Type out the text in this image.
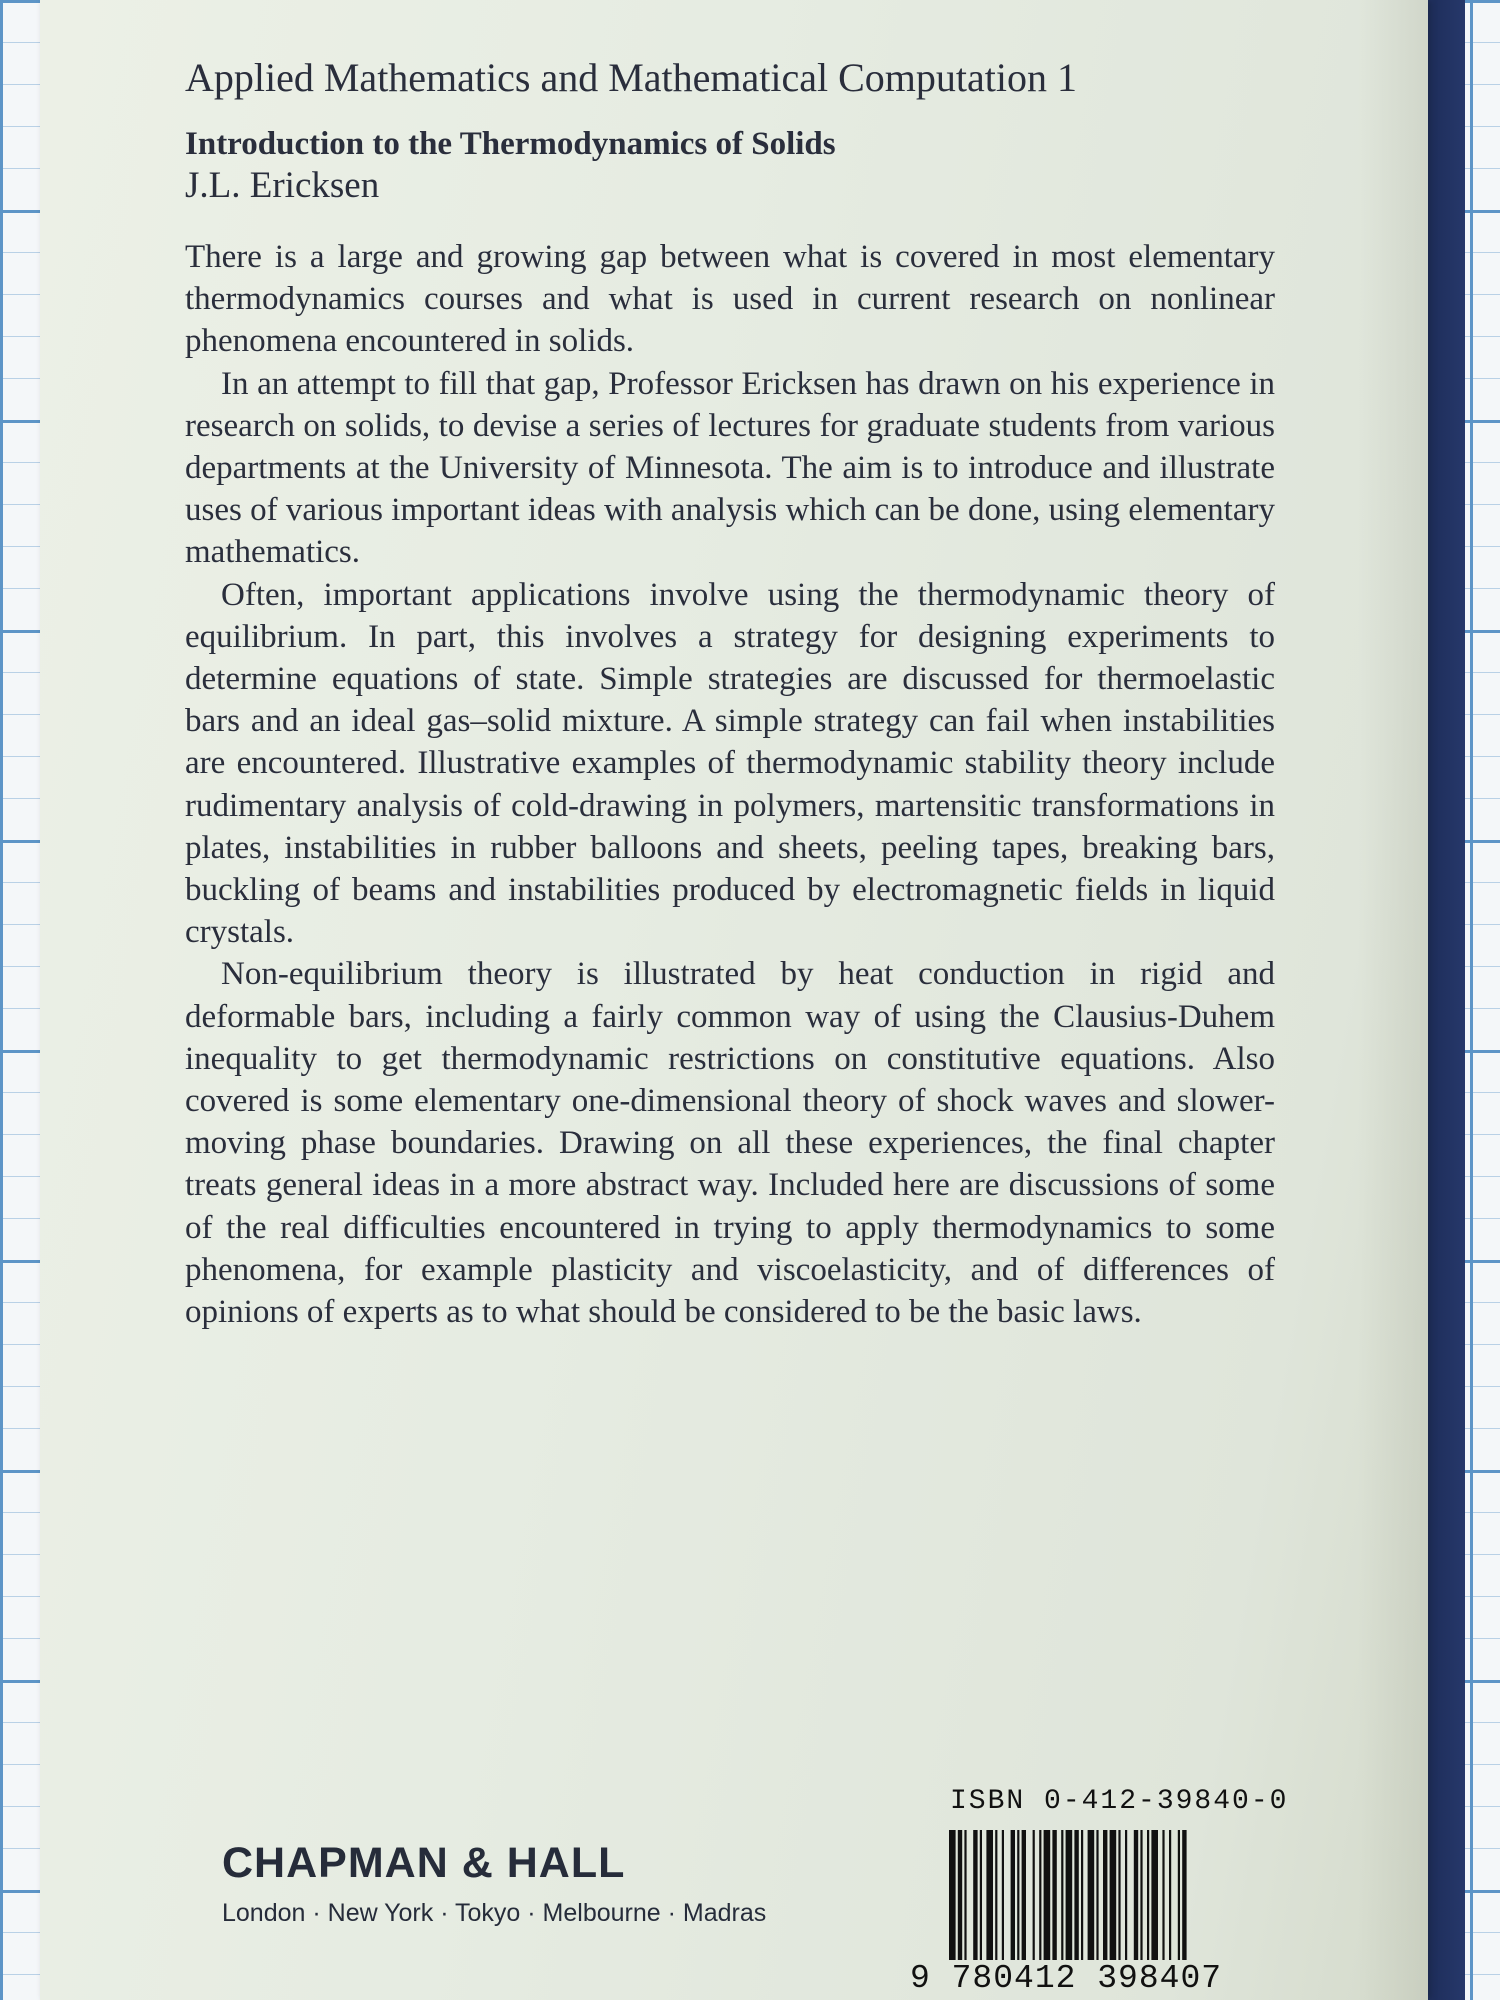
Applied Mathematics and Mathematical Computation 1

Introduction to the Thermodynamics of Solids

J.L. Ericksen

There is a large and growing gap between what is covered in most elementary thermodynamics courses and what is used in current research on nonlinear phenomena encountered in solids.

In an attempt to fill that gap, Professor Ericksen has drawn on his experience in research on solids, to devise a series of lectures for graduate students from various departments at the University of Minnesota. The aim is to introduce and illustrate uses of various important ideas with analysis which can be done, using elementary mathematics.

Often, important applications involve using the thermodynamic theory of equilibrium. In part, this involves a strategy for designing experiments to determine equations of state. Simple strategies are discussed for thermoelastic bars and an ideal gas–solid mixture. A simple strategy can fail when instabilities are encountered. Illustrative examples of thermodynamic stability theory include rudimentary analysis of cold-drawing in polymers, martensitic transformations in plates, instabilities in rubber balloons and sheets, peeling tapes, breaking bars, buckling of beams and instabilities produced by electromagnetic fields in liquid crystals.

Non-equilibrium theory is illustrated by heat conduction in rigid and deformable bars, including a fairly common way of using the Clausius-Duhem inequality to get thermodynamic restrictions on constitutive equations. Also covered is some elementary one-dimensional theory of shock waves and slower-moving phase boundaries. Drawing on all these experiences, the final chapter treats general ideas in a more abstract way. Included here are discussions of some of the real difficulties encountered in trying to apply thermodynamics to some phenomena, for example plasticity and viscoelasticity, and of differences of opinions of experts as to what should be considered to be the basic laws.

CHAPMAN & HALL
London · New York · Tokyo · Melbourne · Madras
ISBN 0-412-39840-0
9 780412 398407
